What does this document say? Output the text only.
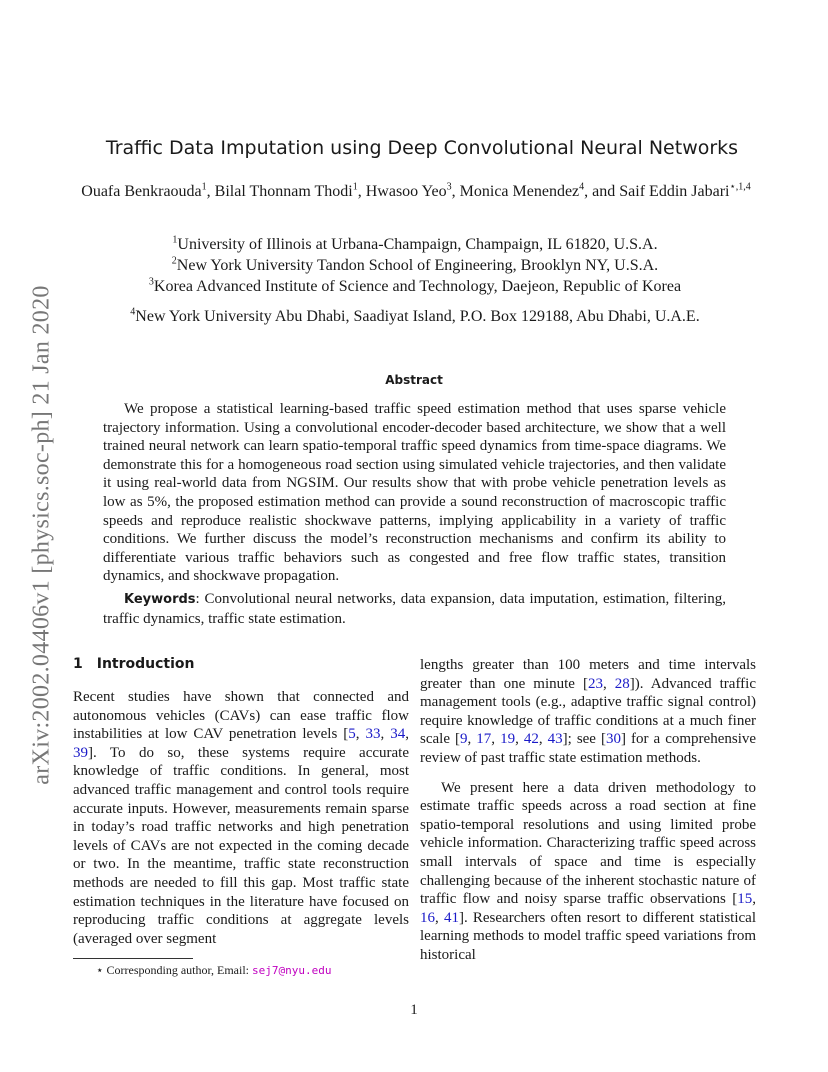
arXiv:2002.04406v1 [physics.soc-ph] 21 Jan 2020
Traffic Data Imputation using Deep Convolutional Neural Networks
Ouafa Benkraouda$^1$, Bilal Thonnam Thodi$^1$, Hwasoo Yeo$^3$, Monica Menendez$^4$, and Saif Eddin Jabari$^{⋆,1,4}$
$^1$University of Illinois at Urbana-Champaign, Champaign, IL 61820, U.S.A.
$^2$New York University Tandon School of Engineering, Brooklyn NY, U.S.A.
$^3$Korea Advanced Institute of Science and Technology, Daejeon, Republic of Korea
$^4$New York University Abu Dhabi, Saadiyat Island, P.O. Box 129188, Abu Dhabi, U.A.E.
Abstract

We propose a statistical learning-based traffic speed estimation method that uses sparse vehicle trajectory information. Using a convolutional encoder-decoder based architecture, we show that a well trained neural network can learn spatio-temporal traffic speed dynamics from time-space diagrams. We demonstrate this for a homogeneous road section using simulated vehicle trajectories, and then validate it using real-world data from NGSIM. Our results show that with probe vehicle penetration levels as low as 5%, the proposed estimation method can provide a sound reconstruction of macroscopic traffic speeds and reproduce realistic shockwave patterns, implying applicability in a variety of traffic conditions. We further discuss the model’s reconstruction mechanisms and confirm its ability to differentiate various traffic behaviors such as congested and free flow traffic states, transition dynamics, and shockwave propagation.

Keywords: Convolutional neural networks, data expansion, data imputation, estimation, filtering, traffic dynamics, traffic state estimation.

1 Introduction

Recent studies have shown that connected and autonomous vehicles (CAVs) can ease traffic flow instabilities at low CAV penetration levels [5, 33, 34, 39]. To do so, these systems require accurate knowledge of traffic conditions. In general, most advanced traffic management and control tools require accurate inputs. However, measurements remain sparse in today’s road traffic networks and high penetration levels of CAVs are not expected in the coming decade or two. In the meantime, traffic state reconstruction methods are needed to fill this gap. Most traffic state estimation techniques in the literature have focused on reproducing traffic conditions at aggregate levels (averaged over segment

lengths greater than 100 meters and time intervals greater than one minute [23, 28]). Advanced traffic management tools (e.g., adaptive traffic signal control) require knowledge of traffic conditions at a much finer scale [9, 17, 19, 42, 43]; see [30] for a comprehensive review of past traffic state estimation methods.

We present here a data driven methodology to estimate traffic speeds across a road section at fine spatio-temporal resolutions and using limited probe vehicle information. Characterizing traffic speed across small intervals of space and time is especially challenging because of the inherent stochastic nature of traffic flow and noisy sparse traffic observations [15, 16, 41]. Researchers often resort to different statistical learning methods to model traffic speed variations from historical

⋆ Corresponding author, Email: sej7@nyu.edu
1
